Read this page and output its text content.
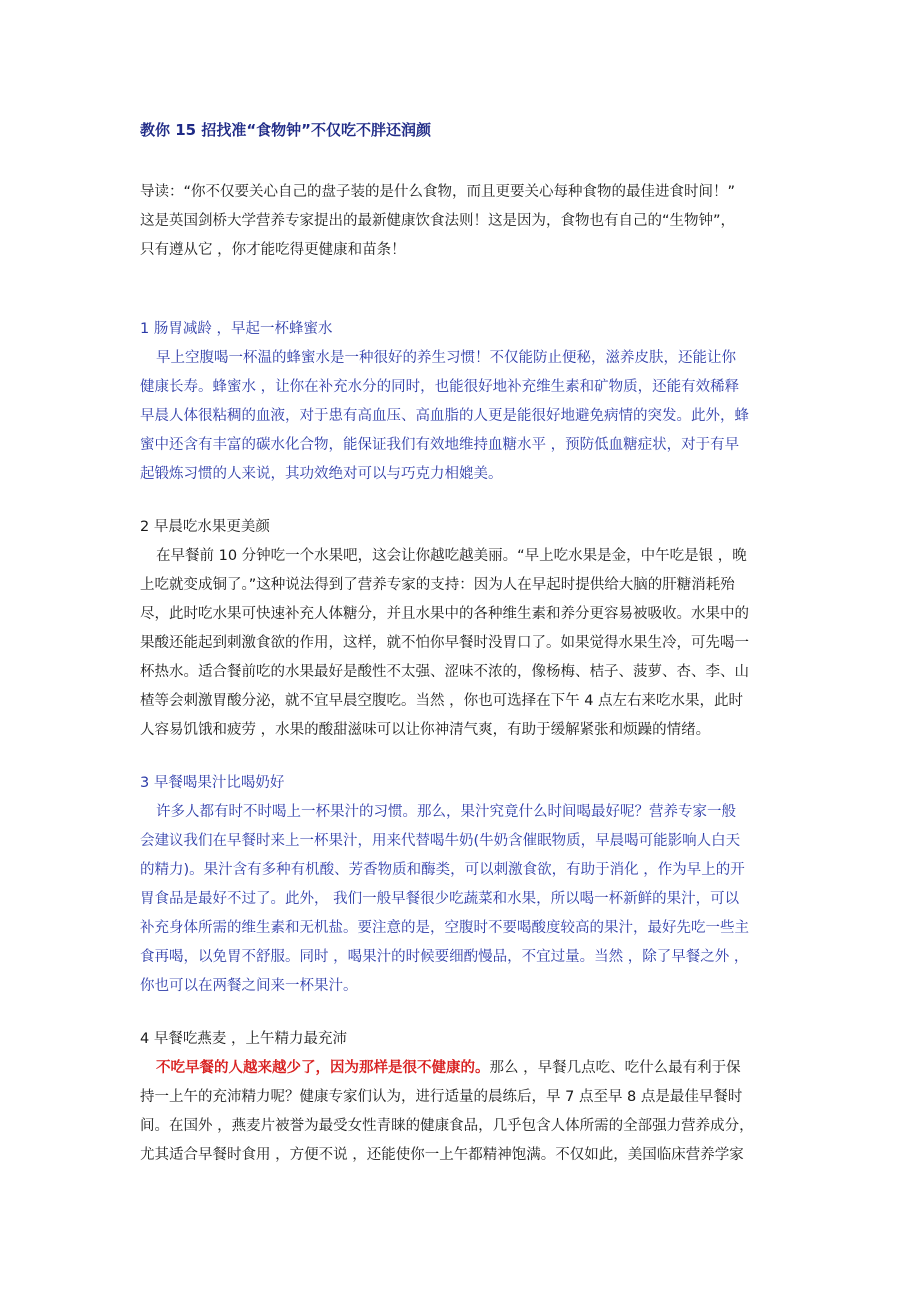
教你 15 招找准“食物钟”不仅吃不胖还润颜

导读：“你不仅要关心自己的盘子装的是什么食物，而且更要关心每种食物的最佳进食时间！”

这是英国剑桥大学营养专家提出的最新健康饮食法则！这是因为，食物也有自己的“生物钟”，

只有遵从它 ，你才能吃得更健康和苗条！

1 肠胃减龄 ，早起一杯蜂蜜水

早上空腹喝一杯温的蜂蜜水是一种很好的养生习惯！不仅能防止便秘，滋养皮肤，还能让你

健康长寿。蜂蜜水 ，让你在补充水分的同时，也能很好地补充维生素和矿物质，还能有效稀释

早晨人体很粘稠的血液，对于患有高血压、高血脂的人更是能很好地避免病情的突发。此外，蜂

蜜中还含有丰富的碳水化合物，能保证我们有效地维持血糖水平 ，预防低血糖症状，对于有早

起锻炼习惯的人来说，其功效绝对可以与巧克力相媲美。

2 早晨吃水果更美颜

在早餐前 10 分钟吃一个水果吧，这会让你越吃越美丽。“早上吃水果是金，中午吃是银 ，晚

上吃就变成铜了。”这种说法得到了营养专家的支持：因为人在早起时提供给大脑的肝糖消耗殆

尽，此时吃水果可快速补充人体糖分，并且水果中的各种维生素和养分更容易被吸收。水果中的

果酸还能起到刺激食欲的作用，这样，就不怕你早餐时没胃口了。如果觉得水果生冷，可先喝一

杯热水。适合餐前吃的水果最好是酸性不太强、涩味不浓的，像杨梅、桔子、菠萝、杏、李、山

楂等会刺激胃酸分泌，就不宜早晨空腹吃。当然 ，你也可选择在下午 4 点左右来吃水果，此时

人容易饥饿和疲劳 ，水果的酸甜滋味可以让你神清气爽，有助于缓解紧张和烦躁的情绪。

3 早餐喝果汁比喝奶好

许多人都有时不时喝上一杯果汁的习惯。那么，果汁究竟什么时间喝最好呢？营养专家一般

会建议我们在早餐时来上一杯果汁，用来代替喝牛奶(牛奶含催眠物质，早晨喝可能影响人白天

的精力)。果汁含有多种有机酸、芳香物质和酶类，可以刺激食欲，有助于消化 ，作为早上的开

胃食品是最好不过了。此外， 我们一般早餐很少吃蔬菜和水果，所以喝一杯新鲜的果汁，可以

补充身体所需的维生素和无机盐。要注意的是，空腹时不要喝酸度较高的果汁，最好先吃一些主

食再喝，以免胃不舒服。同时 ，喝果汁的时候要细酌慢品，不宜过量。当然 ，除了早餐之外 ，

你也可以在两餐之间来一杯果汁。

4 早餐吃燕麦 ，上午精力最充沛

不吃早餐的人越来越少了，因为那样是很不健康的。那么 ，早餐几点吃、吃什么最有利于保

持一上午的充沛精力呢？健康专家们认为，进行适量的晨练后，早 7 点至早 8 点是最佳早餐时

间。在国外 ，燕麦片被誉为最受女性青睐的健康食品，几乎包含人体所需的全部强力营养成分，

尤其适合早餐时食用 ，方便不说 ，还能使你一上午都精神饱满。不仅如此，美国临床营养学家
